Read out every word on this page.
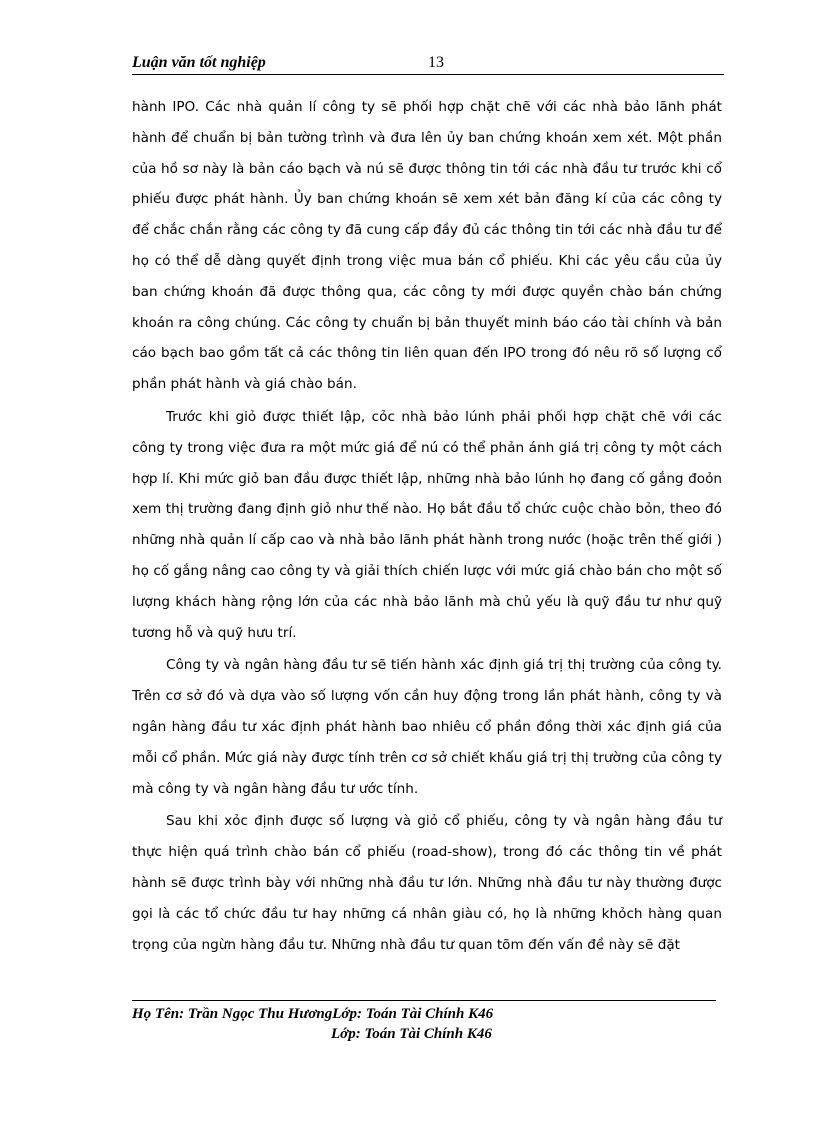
Luận văn tốt nghiệp	13

hành IPO. Các nhà quản lí công ty sẽ phối hợp chặt chẽ với các nhà bảo lãnh phát hành để chuẩn bị bản tường trình và đưa lên ủy ban chứng khoán xem xét. Một phần của hồ sơ này là bản cáo bạch và nú sẽ được thông tin tới các nhà đầu tư trước khi cổ phiếu được phát hành. Ủy ban chứng khoán sẽ xem xét bản đăng kí của các công ty để chắc chắn rằng các công ty đã cung cấp đầy đủ các thông tin tới các nhà đầu tư để họ có thể dễ dàng quyết định trong việc mua bán cổ phiếu. Khi các yêu cầu của ủy ban chứng khoán đã được thông qua, các công ty mới được quyền chào bán chứng khoán ra công chúng. Các công ty chuẩn bị bản thuyết minh báo cáo tài chính và bản cáo bạch bao gồm tất cả các thông tin liên quan đến IPO trong đó nêu rõ số lượng cổ phần phát hành và giá chào bán.

Trước khi giỏ được thiết lập, cỏc nhà bảo lúnh phải phối hợp chặt chẽ với các công ty trong việc đưa ra một mức giá để nú có thể phản ánh giá trị công ty một cách hợp lí. Khi mức giỏ ban đầu được thiết lập, những nhà bảo lúnh họ đang cố gắng đoỏn xem thị trường đang định giỏ như thế nào. Họ bắt đầu tổ chức cuộc chào bỏn, theo đó những nhà quản lí cấp cao và nhà bảo lãnh phát hành trong nước (hoặc trên thế giới ) họ cố gắng nâng cao công ty và giải thích chiến lược với mức giá chào bán cho một số lượng khách hàng rộng lớn của các nhà bảo lãnh mà chủ yếu là quỹ đầu tư như quỹ tương hỗ và quỹ hưu trí.

Công ty và ngân hàng đầu tư sẽ tiến hành xác định giá trị thị trường của công ty. Trên cơ sở đó và dựa vào số lượng vốn cần huy động trong lần phát hành, công ty và ngân hàng đầu tư xác định phát hành bao nhiêu cổ phần đồng thời xác định giá của mỗi cổ phần. Mức giá này được tính trên cơ sở chiết khấu giá trị thị trường của công ty mà công ty và ngân hàng đầu tư ước tính.

Sau khi xỏc định được số lượng và giỏ cổ phiếu, công ty và ngân hàng đầu tư thực hiện quá trình chào bán cổ phiếu (road-show), trong đó các thông tin về phát hành sẽ được trình bày với những nhà đầu tư lớn. Những nhà đầu tư này thường được gọi là các tổ chức đầu tư hay những cá nhân giàu có, họ là những khỏch hàng quan trọng của ngừn hàng đầu tư. Những nhà đầu tư quan tõm đến vấn đề này sẽ đặt

Họ Tên: Trần Ngọc Thu HươngLớp: Toán Tài Chính K46
Lớp: Toán Tài Chính K46
